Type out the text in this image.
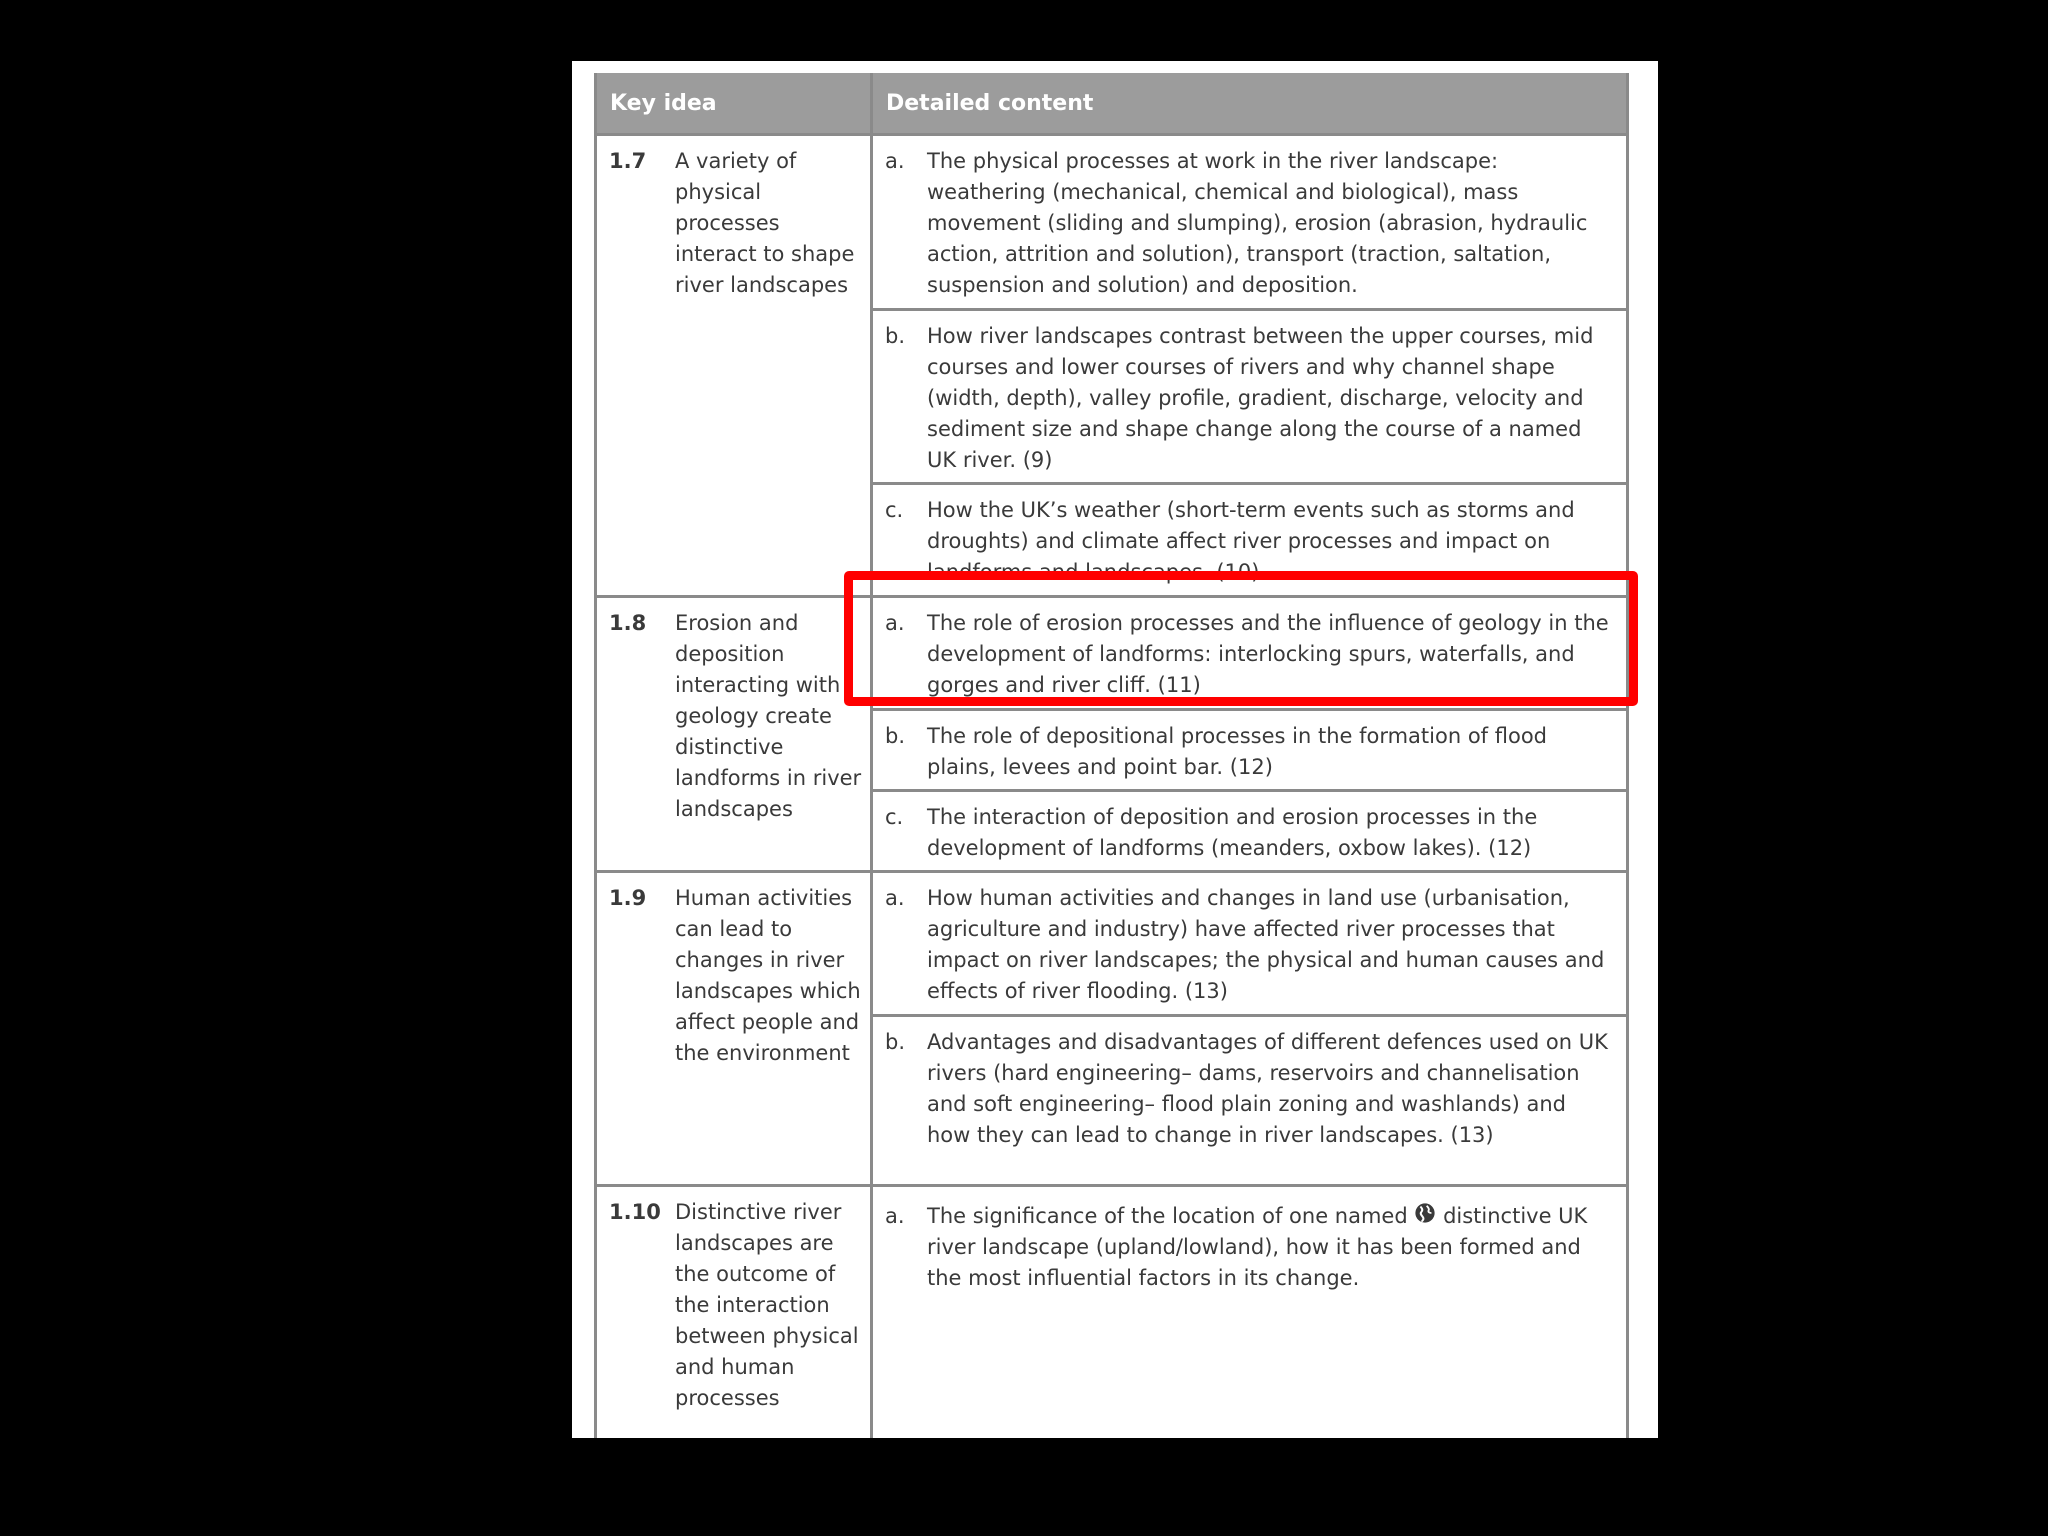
Key idea	Detailed content

1.7 A variety of physical processes interact to shape river landscapes	a. The physical processes at work in the river landscape: weathering (mechanical, chemical and biological), mass movement (sliding and slumping), erosion (abrasion, hydraulic action, attrition and solution), transport (traction, saltation, suspension and solution) and deposition.

	b. How river landscapes contrast between the upper courses, mid courses and lower courses of rivers and why channel shape (width, depth), valley profile, gradient, discharge, velocity and sediment size and shape change along the course of a named UK river. (9)

	c. How the UK’s weather (short-term events such as storms and droughts) and climate affect river processes and impact on landforms and landscapes. (10)

1.8 Erosion and deposition interacting with geology create distinctive landforms in river landscapes	a. The role of erosion processes and the influence of geology in the development of landforms: interlocking spurs, waterfalls, and gorges and river cliff. (11)

	b. The role of depositional processes in the formation of flood plains, levees and point bar. (12)

	c. The interaction of deposition and erosion processes in the development of landforms (meanders, oxbow lakes). (12)

1.9 Human activities can lead to changes in river landscapes which affect people and the environment	a. How human activities and changes in land use (urbanisation, agriculture and industry) have affected river processes that impact on river landscapes; the physical and human causes and effects of river flooding. (13)

	b. Advantages and disadvantages of different defences used on UK rivers (hard engineering– dams, reservoirs and channelisation and soft engineering– flood plain zoning and washlands) and how they can lead to change in river landscapes. (13)

1.10 Distinctive river landscapes are the outcome of the interaction between physical and human processes	a. The significance of the location of one named distinctive UK river landscape (upland/lowland), how it has been formed and the most influential factors in its change.
